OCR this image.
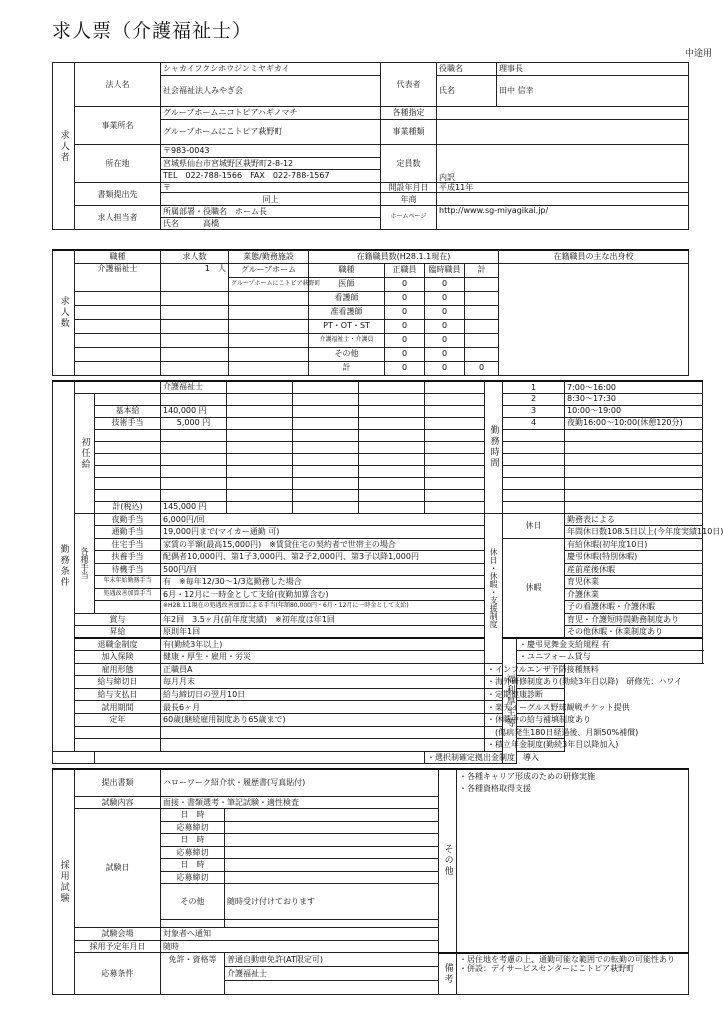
求人票（介護福祉士）
中途用
求人者	法人名	シャカイフクシホウジンミヤギカイ	代表者	役職名	理事長
		社会福祉法人みやぎ会		氏名	田中 信幸
	事業所名	グループホームニコトピアハギノマチ	各種指定		
		グループホームにこトピア萩野町	事業種類		
	所在地	〒983-0043	定員数	内訳	
		宮城県仙台市宮城野区萩野町2-8-12			
		TEL　022-788-1566　FAX　022-788-1567			
	書類提出先	〒	開設年月日	平成11年	
		同上	年商		
	求人担当者	所属部署・役職名　ホーム長	ホームページ	http://www.sg-miyagikai.jp/	
		氏名　　　高橋			
求人数	職種	求人数	業態/勤務施設	在籍職員数(H28.1.1現在)				在籍職員の主な出身校
	介護福祉士	1　人	グループホーム	職種	正職員	臨時職員	計	
			グループホームにこトピア萩野町	医師	0	0		
				看護師	0	0		
				准看護師	0	0		
				PT・OT・ST	0	0		
				介護福祉士・介護員	0	0		
				その他	0	0		
				計	0	0	0	
勤務条件			介護福祉士					勤務時間	1		7:00〜16:00
	初任給								2		8:30〜17:30
		基本給	140,000 円						3		10:00〜19:00
		技術手当	5,000 円						4		夜勤16:00〜10:00(休憩120分)

		計(税込)	145,000 円								
	各種手当	夜勤手当	6,000円/回					休日・休暇・支援制度	休日		勤務表による
		通勤手当	19,000円まで(マイカー通勤 可)								年間休日数108.5日以上(今年度実績110日)
		住宅手当	家賃の半額(最高15,000円)　※賃貸住宅の契約者で世帯主の場合						休暇		有給休暇(初年度10日)
		扶養手当	配偶者10,000円、第1子3,000円、第2子2,000円、第3子以降1,000円								慶弔休暇(特別休暇)
		待機手当	500円/回								産前産後休暇
		年末年始勤務手当	有　※毎年12/30〜1/3迄勤務した場合								育児休業
		処遇改善加算手当	6月・12月に一時金として支給(夜勤加算含む)								介護休業
			※H28.1.1現在の処遇改善加算による手当(年額80,000円・6月・12月に一時金として支給)								子の看護休暇・介護休暇
	賞与		年2回　3.5ヶ月(前年度実績)　※初年度は年1回								育児・介護短時間勤務制度あり
	昇給		原則年1回								その他休暇・休業制度あり
	退職金制度		有(勤続3年以上)						福利厚生等	・慶弔見舞金支給規程 有	
	加入保険		健康・厚生・雇用・労災							・ユニフォーム貸与	
	雇用形態		正職員A					・インフルエンザ予防接種無料			
	給与締切日		毎月月末					・海外研修制度あり(勤続3年目以降)　研修先：ハワイ			
	給与支払日		給与締切日の翌月10日					・定期健康診断			
	試用期間		最長6ヶ月					・楽天イーグルス野球観戦チケット提供			
	定年		60歳(継続雇用制度あり65歳まで)					・休職中の給与補填制度あり			
								　(傷病発生180日経過後、月額50%補償)			
								・積立年金制度(勤続3年目以降加入)			
							・選択制確定拠出金制度　導入				
採用試験	提出書類	ハローワーク紹介状・履歴書(写真貼付)		その他	・各種キャリア形成のための研修実施
・各種資格取得支援

	試験内容	面接・書類選考・筆記試験・適性検査			
	試験日	日　時			
		応募締切			
		日　時			
		応募締切			
		日　時			
		応募締切			
		その他	随時受け付けております		

	試験会場	対象者へ通知			
	採用予定年月日	随時			
	応募条件	免許・資格等	普通自動車免許(AT限定可)	備考	・居住地を考慮の上、通勤可能な範囲での転勤の可能性あり
・併設：デイサービスセンターにこトピア萩野町

			介護福祉士		
